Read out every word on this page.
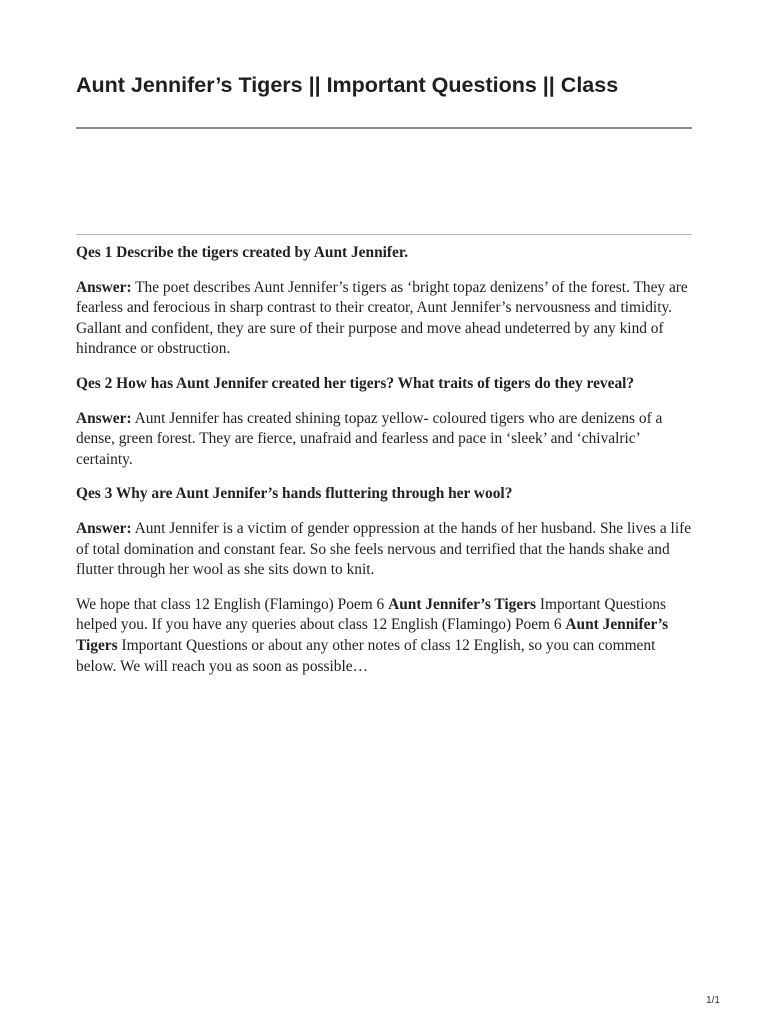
Aunt Jennifer’s Tigers || Important Questions || Class

Qes 1 Describe the tigers created by Aunt Jennifer.

Answer: The poet describes Aunt Jennifer’s tigers as ‘bright topaz denizens’ of the forest. They are fearless and ferocious in sharp contrast to their creator, Aunt Jennifer’s nervousness and timidity. Gallant and confident, they are sure of their purpose and move ahead undeterred by any kind of hindrance or obstruction.

Qes 2 How has Aunt Jennifer created her tigers? What traits of tigers do they reveal?

Answer: Aunt Jennifer has created shining topaz yellow- coloured tigers who are denizens of a dense, green forest. They are fierce, unafraid and fearless and pace in ‘sleek’ and ‘chivalric’ certainty.

Qes 3 Why are Aunt Jennifer’s hands fluttering through her wool?

Answer: Aunt Jennifer is a victim of gender oppression at the hands of her husband. She lives a life of total domination and constant fear. So she feels nervous and terrified that the hands shake and flutter through her wool as she sits down to knit.

We hope that class 12 English (Flamingo) Poem 6 Aunt Jennifer’s Tigers Important Questions helped you. If you have any queries about class 12 English (Flamingo) Poem 6 Aunt Jennifer’s Tigers Important Questions or about any other notes of class 12 English, so you can comment below. We will reach you as soon as possible…

1/1
